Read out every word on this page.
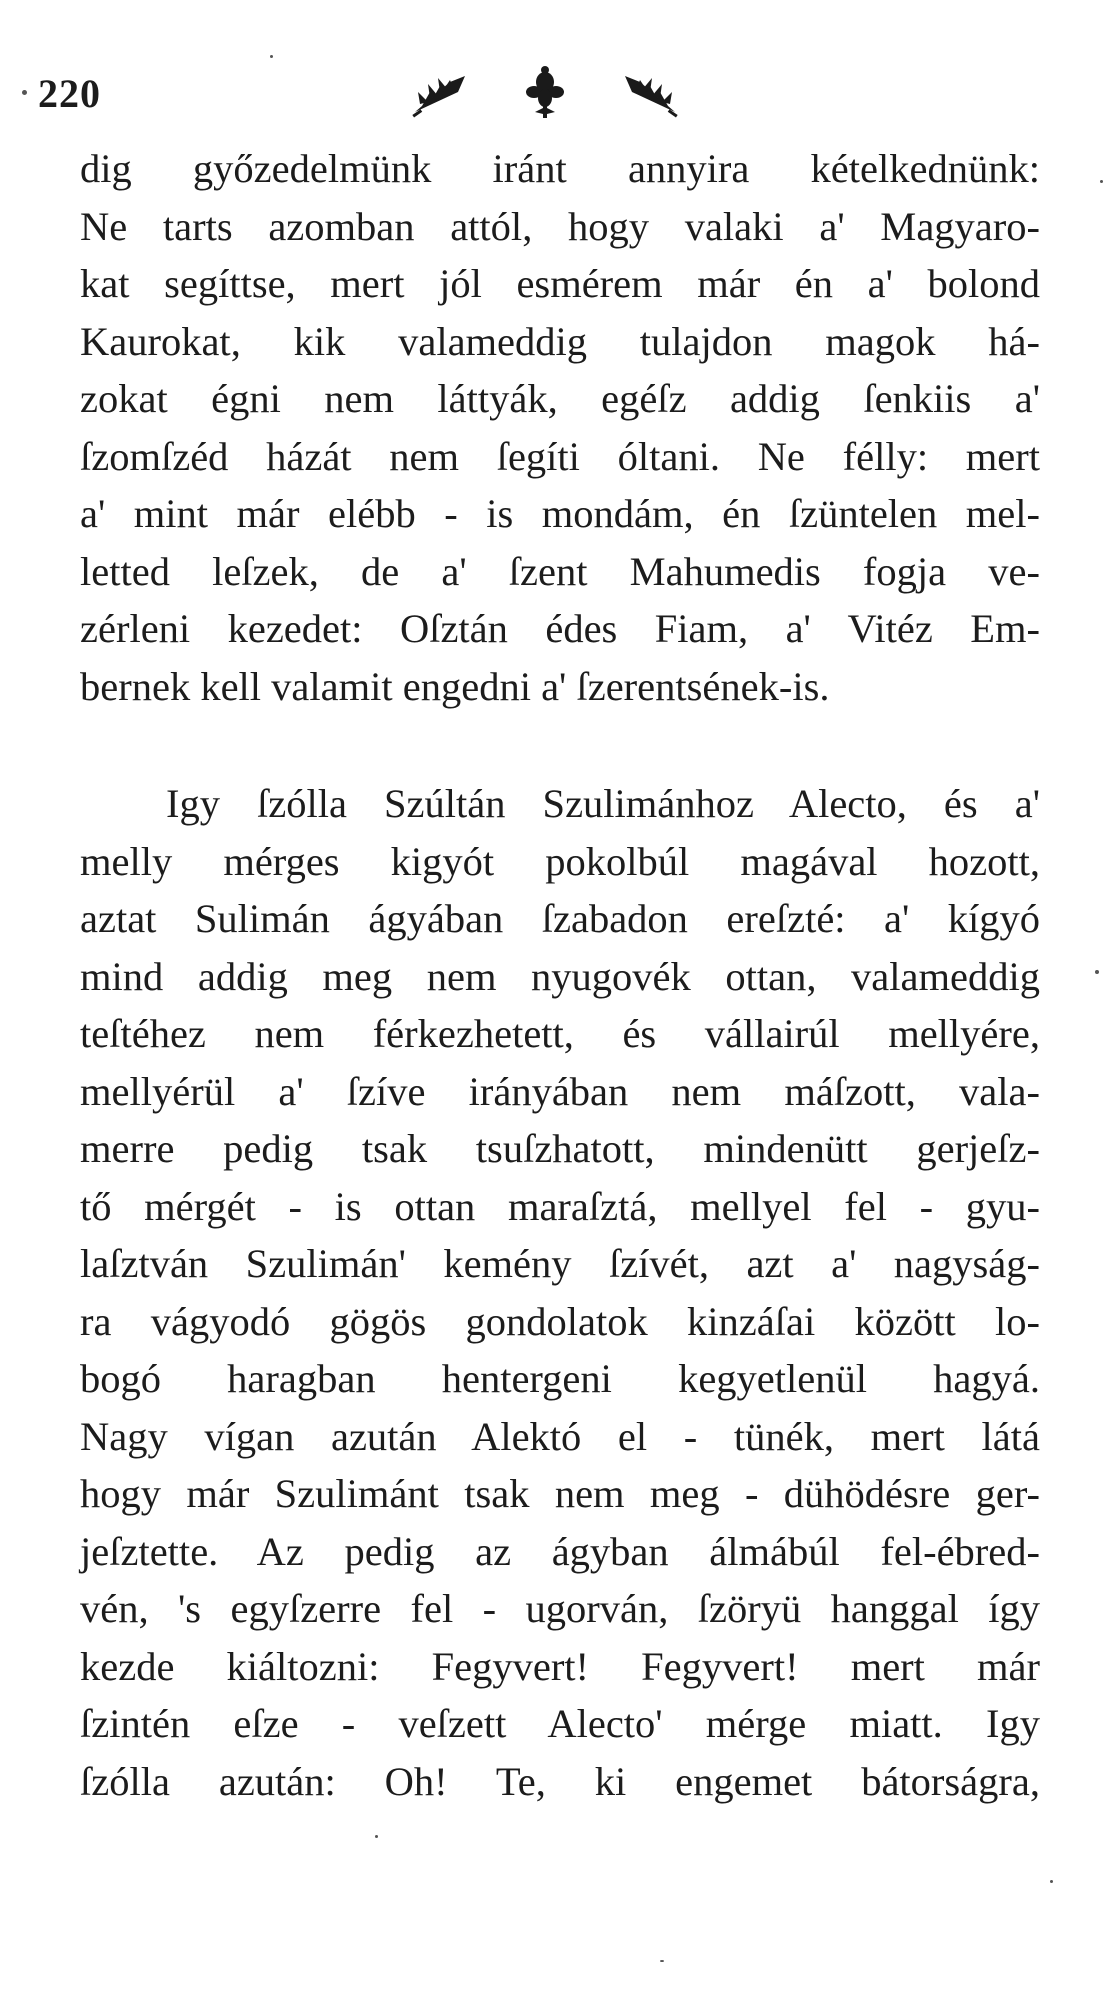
220
dig győzedelmünk iránt annyira kételkednünk:
Ne tarts azomban attól, hogy valaki a' Magyaro-
kat segíttse, mert jól esmérem már én a' bolond
Kaurokat, kik valameddig tulajdon magok há-
zokat égni nem láttyák, egéſz addig ſenkiis a'
ſzomſzéd házát nem ſegíti óltani. Ne félly: mert
a' mint már elébb - is mondám, én ſzüntelen mel-
letted leſzek, de a' ſzent Mahumedis fogja ve-
zérleni kezedet: Oſztán édes Fiam, a' Vitéz Em-
bernek kell valamit engedni a' ſzerentsének-is.
Igy ſzólla Szúltán Szulimánhoz Alecto, és a'
melly mérges kigyót pokolbúl magával hozott,
aztat Sulimán ágyában ſzabadon ereſzté: a' kígyó
mind addig meg nem nyugovék ottan, valameddig
teſtéhez nem férkezhetett, és vállairúl mellyére,
mellyérül a' ſzíve irányában nem máſzott, vala-
merre pedig tsak tsuſzhatott, mindenütt gerjeſz-
tő mérgét - is ottan maraſztá, mellyel fel - gyu-
laſztván Szulimán' kemény ſzívét, azt a' nagyság-
ra vágyodó gögös gondolatok kinzáſai között lo-
bogó haragban hentergeni kegyetlenül hagyá.
Nagy vígan azután Alektó el - tünék, mert látá
hogy már Szulimánt tsak nem meg - dühödésre ger-
jeſztette. Az pedig az ágyban álmábúl fel-ébred-
vén, 's egyſzerre fel - ugorván, ſzöryü hanggal így
kezde kiáltozni: Fegyvert! Fegyvert! mert már
ſzintén eſze - veſzett Alecto' mérge miatt. Igy
ſzólla azután: Oh! Te, ki engemet bátorságra,
